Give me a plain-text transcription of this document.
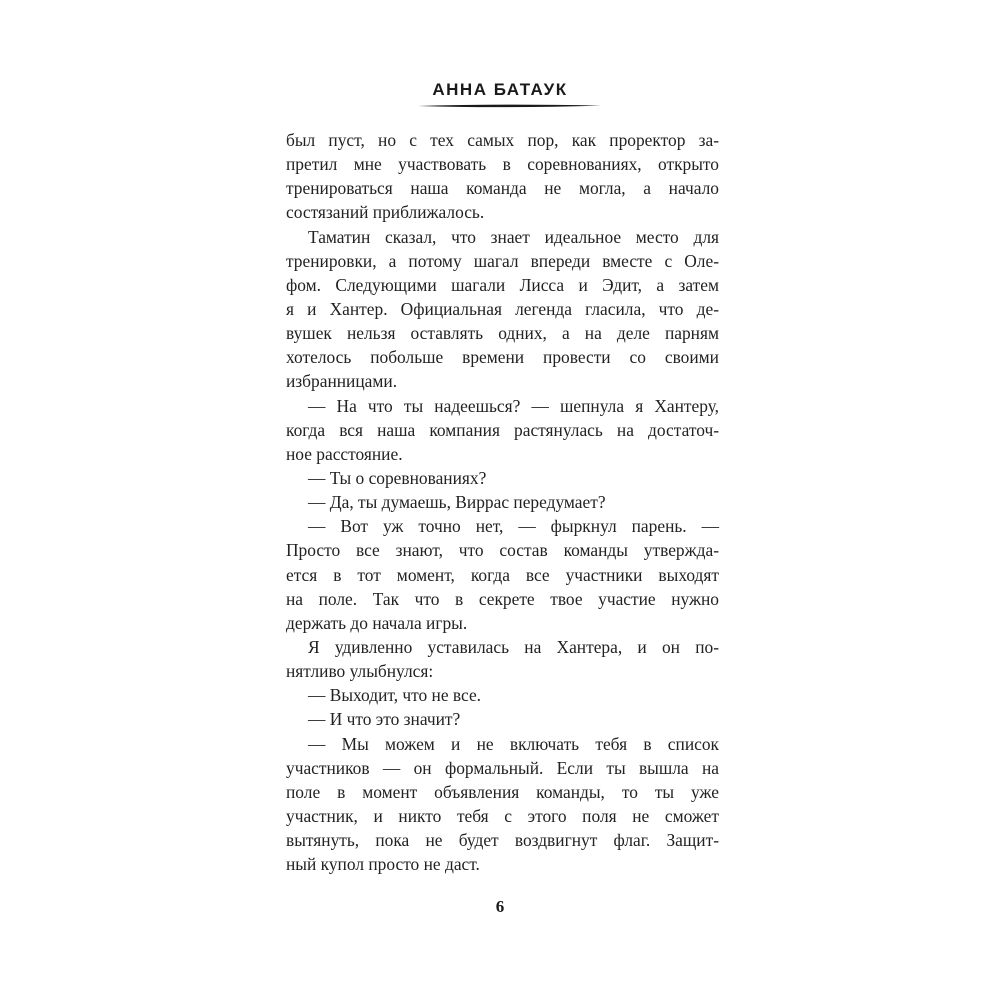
АННА БАТАУК
был пуст, но с тех самых пор, как проректор за-
претил мне участвовать в соревнованиях, открыто
тренироваться наша команда не могла, а начало
состязаний приближалось.
Таматин сказал, что знает идеальное место для
тренировки, а потому шагал впереди вместе с Оле-
фом. Следующими шагали Лисса и Эдит, а затем
я и Хантер. Официальная легенда гласила, что де-
вушек нельзя оставлять одних, а на деле парням
хотелось побольше времени провести со своими
избранницами.
— На что ты надеешься? — шепнула я Хантеру,
когда вся наша компания растянулась на достаточ-
ное расстояние.
— Ты о соревнованиях?
— Да, ты думаешь, Виррас передумает?
— Вот уж точно нет, — фыркнул парень. —
Просто все знают, что состав команды утвержда-
ется в тот момент, когда все участники выходят
на поле. Так что в секрете твое участие нужно
держать до начала игры.
Я удивленно уставилась на Хантера, и он по-
нятливо улыбнулся:
— Выходит, что не все.
— И что это значит?
— Мы можем и не включать тебя в список
участников — он формальный. Если ты вышла на
поле в момент объявления команды, то ты уже
участник, и никто тебя с этого поля не сможет
вытянуть, пока не будет воздвигнут флаг. Защит-
ный купол просто не даст.
6
